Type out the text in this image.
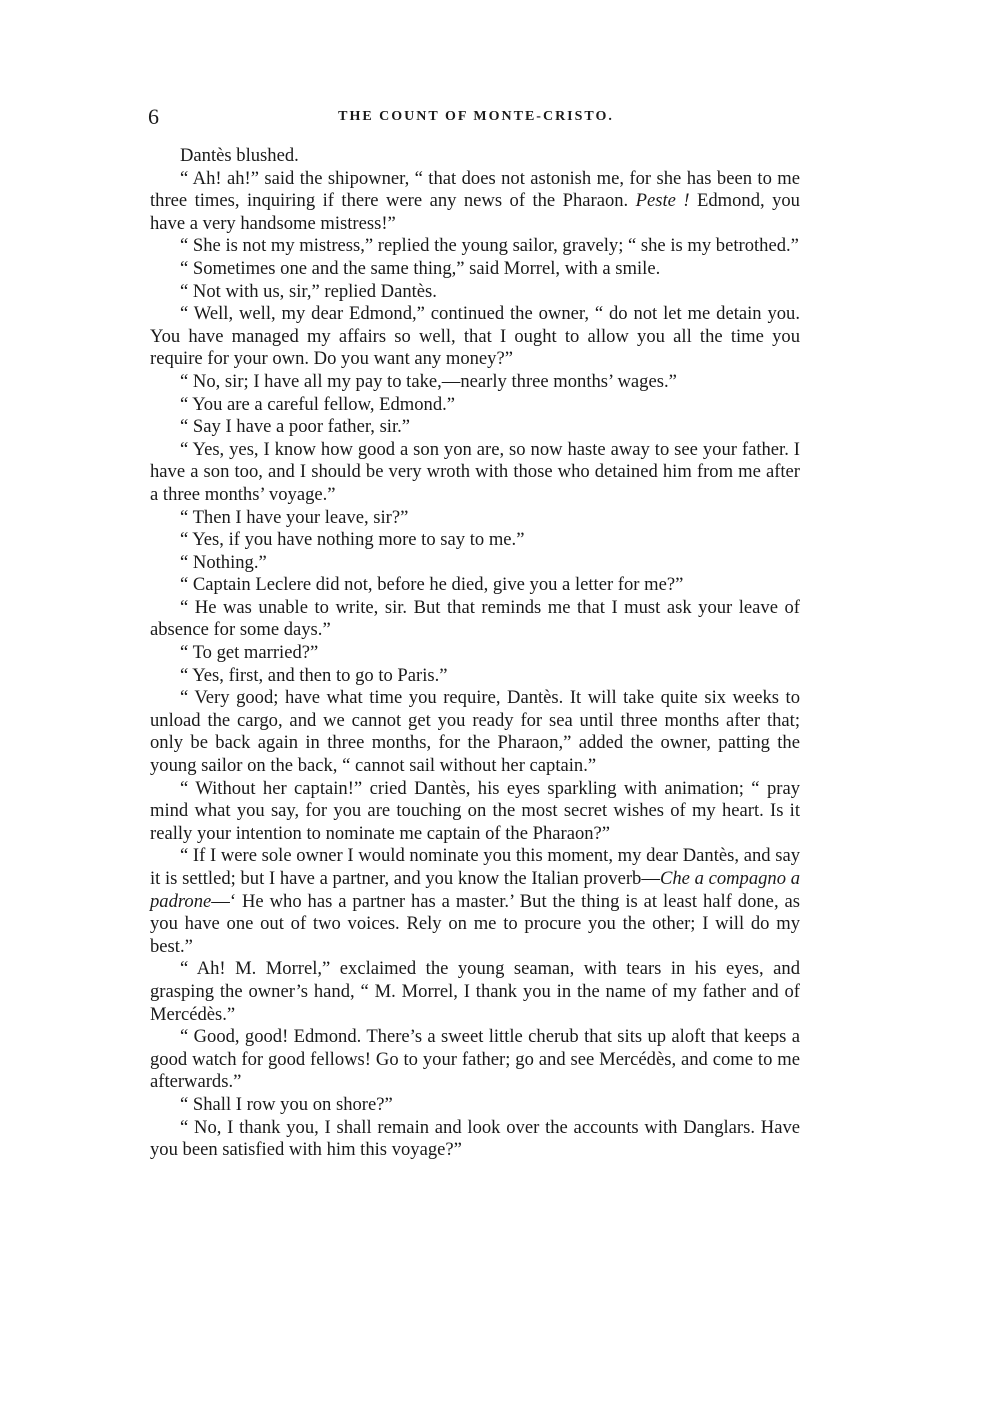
6	THE COUNT OF MONTE-CRISTO.

Dantès blushed.

“ Ah! ah!” said the shipowner, “ that does not astonish me, for she has been to me three times, inquiring if there were any news of the Pharaon. Peste ! Edmond, you have a very handsome mistress!”

“ She is not my mistress,” replied the young sailor, gravely; “ she is my betrothed.”

“ Sometimes one and the same thing,” said Morrel, with a smile.

“ Not with us, sir,” replied Dantès.

“ Well, well, my dear Edmond,” continued the owner, “ do not let me detain you. You have managed my affairs so well, that I ought to allow you all the time you require for your own. Do you want any money?”

“ No, sir; I have all my pay to take,—nearly three months’ wages.”

“ You are a careful fellow, Edmond.”

“ Say I have a poor father, sir.”

“ Yes, yes, I know how good a son yon are, so now haste away to see your father. I have a son too, and I should be very wroth with those who detained him from me after a three months’ voyage.”

“ Then I have your leave, sir?”

“ Yes, if you have nothing more to say to me.”

“ Nothing.”

“ Captain Leclere did not, before he died, give you a letter for me?”

“ He was unable to write, sir. But that reminds me that I must ask your leave of absence for some days.”

“ To get married?”

“ Yes, first, and then to go to Paris.”

“ Very good; have what time you require, Dantès. It will take quite six weeks to unload the cargo, and we cannot get you ready for sea until three months after that; only be back again in three months, for the Pharaon,” added the owner, patting the young sailor on the back, “ cannot sail without her captain.”

“ Without her captain!” cried Dantès, his eyes sparkling with animation; “ pray mind what you say, for you are touching on the most secret wishes of my heart. Is it really your intention to nominate me captain of the Pharaon?”

“ If I were sole owner I would nominate you this moment, my dear Dantès, and say it is settled; but I have a partner, and you know the Italian proverb—Che a compagno a padrone—‘ He who has a partner has a master.’ But the thing is at least half done, as you have one out of two voices. Rely on me to procure you the other; I will do my best.”

“ Ah! M. Morrel,” exclaimed the young seaman, with tears in his eyes, and grasping the owner’s hand, “ M. Morrel, I thank you in the name of my father and of Mercédès.”

“ Good, good! Edmond. There’s a sweet little cherub that sits up aloft that keeps a good watch for good fellows! Go to your father; go and see Mercédès, and come to me afterwards.”

“ Shall I row you on shore?”

“ No, I thank you, I shall remain and look over the accounts with Danglars. Have you been satisfied with him this voyage?”
